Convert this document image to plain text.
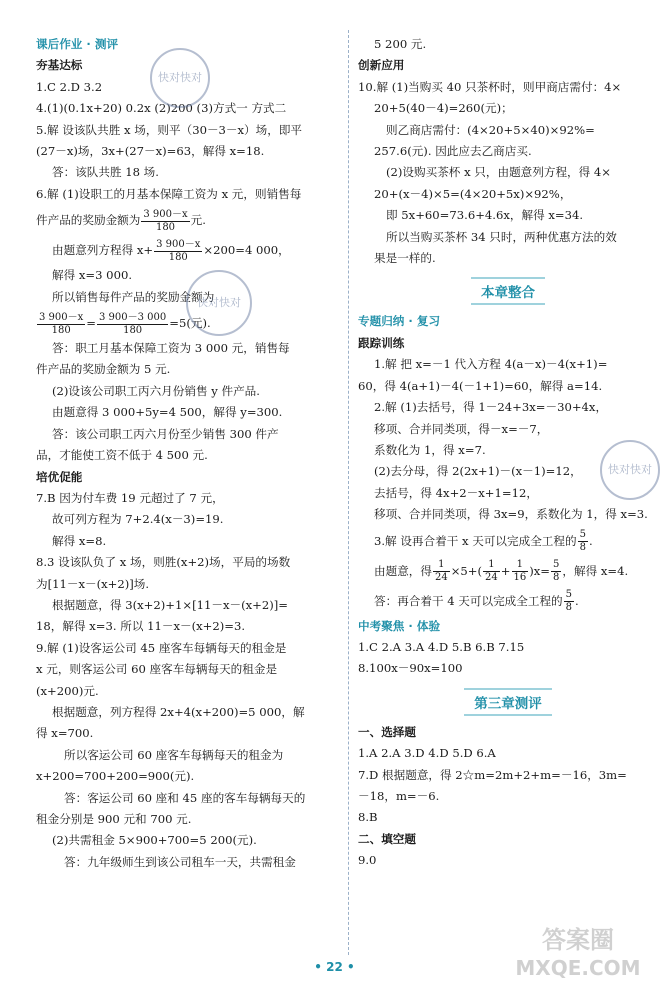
课后作业 · 测评
夯基达标
1.C 2.D 3.2
4.(1)(0.1x+20) 0.2x (2)200 (3)方式一 方式二
5.解 设该队共胜 x 场，则平（30－3－x）场，即平
(27－x)场，3x+(27－x)=63，解得 x=18.
答：该队共胜 18 场.
6.解 (1)设职工的月基本保障工资为 x 元，则销售每
件产品的奖励金额为 $\frac{3 900-x}{180}$ 元.
由题意列方程得 $x+ \frac{3 900-x}{180} \times 200=4$ 000，
解得 x=3 000.
所以销售每件产品的奖励金额为
$\frac{3 900-x}{180} = \frac{3 900-3 000}{180} =5$(元).
答：职工月基本保障工资为 3 000 元，销售每
件产品的奖励金额为 5 元.
(2)设该公司职工丙六月份销售 y 件产品.
由题意得 3 000+5y=4 500，解得 y=300.
答：该公司职工丙六月份至少销售 300 件产
品，才能使工资不低于 4 500 元.
培优促能
7.B 因为付车费 19 元超过了 7 元，
故可列方程为 7+2.4(x－3)=19.
解得 x=8.
8.3 设该队负了 x 场，则胜(x+2)场，平局的场数
为[11－x－(x+2)]场.
根据题意，得 3(x+2)+1×[11－x－(x+2)]=
18，解得 x=3. 所以 11－x－(x+2)=3.
9.解 (1)设客运公司 45 座客车每辆每天的租金是
x 元，则客运公司 60 座客车每辆每天的租金是
(x+200)元.
根据题意，列方程得 2x+4(x+200)=5 000，解
得 x=700.
所以客运公司 60 座客车每辆每天的租金为
x+200=700+200=900(元).
答：客运公司 60 座和 45 座的客车每辆每天的
租金分别是 900 元和 700 元.
(2)共需租金 5×900+700=5 200(元).
答：九年级师生到该公司租车一天，共需租金
5 200 元.
创新应用
10.解 (1)当购买 40 只茶杯时，则甲商店需付：4×
20+5(40－4)=260(元)；
则乙商店需付：(4×20+5×40)×92%=
257.6(元). 因此应去乙商店买.
(2)设购买茶杯 x 只，由题意列方程，得 4×
20+(x－4)×5=(4×20+5x)×92%，
即 5x+60=73.6+4.6x，解得 x=34.
所以当购买茶杯 34 只时，两种优惠方法的效
果是一样的.
本章整合
专题归纳 · 复习
跟踪训练
1.解 把 x=－1 代入方程 4(a－x)－4(x+1)=
60，得 4(a+1)－4(－1+1)=60，解得 a=14.
2.解 (1)去括号，得 1－24+3x=－30+4x，
移项、合并同类项，得－x=－7，
系数化为 1，得 x=7.
(2)去分母，得 2(2x+1)－(x－1)=12，
去括号，得 4x+2－x+1=12，
移项、合并同类项，得 3x=9，系数化为 1，得 x=3.
3.解 设再合着干 x 天可以完成全工程的 $\frac{5}{8}$ .
由题意，得 $\frac{1}{24} \times 5+( \frac{1}{24} + \frac{1}{16} )x= \frac{5}{8}$ ，解得 x=4.
答：再合着干 4 天可以完成全工程的 $\frac{5}{8}$ .
中考聚焦 · 体验
1.C 2.A 3.A 4.D 5.B 6.B 7.15
8.100x－90x=100
第三章测评
一、选择题
1.A 2.A 3.D 4.D 5.D 6.A
7.D 根据题意，得 2☆m=2m+2+m=－16，3m=
－18，m=－6.
8.B
二、填空题
9.0
快对快对
快对快对
快对快对
答案圈
MXQE.COM
• 22 •
